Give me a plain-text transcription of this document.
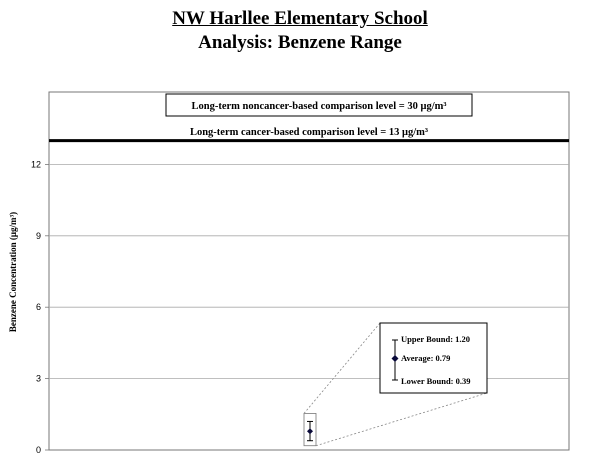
NW Harllee Elementary School
Analysis: Benzene Range
0
3
6
9
12
Benzene Concentration (μg/m³)
Long-term noncancer-based comparison level = 30 μg/m³
Long-term cancer-based comparison level = 13 μg/m³
Upper Bound: 1.20
Average: 0.79
Lower Bound: 0.39
